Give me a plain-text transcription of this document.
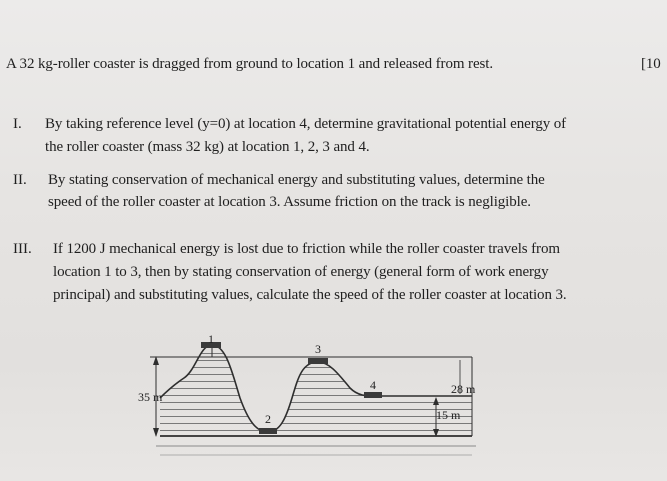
A 32 kg-roller coaster is dragged from ground to location 1 and released from rest.	[10
I. By taking reference level (y=0) at location 4, determine gravitational potential energy of
the roller coaster (mass 32 kg) at location 1, 2, 3 and 4.
II. By stating conservation of mechanical energy and substituting values, determine the
speed of the roller coaster at location 3. Assume friction on the track is negligible.
III. If 1200 J mechanical energy is lost due to friction while the roller coaster travels from
location 1 to 3, then by stating conservation of energy (general form of work energy
principal) and substituting values, calculate the speed of the roller coaster at location 3.
1
2
3
4
35 m
28 m
15 m
